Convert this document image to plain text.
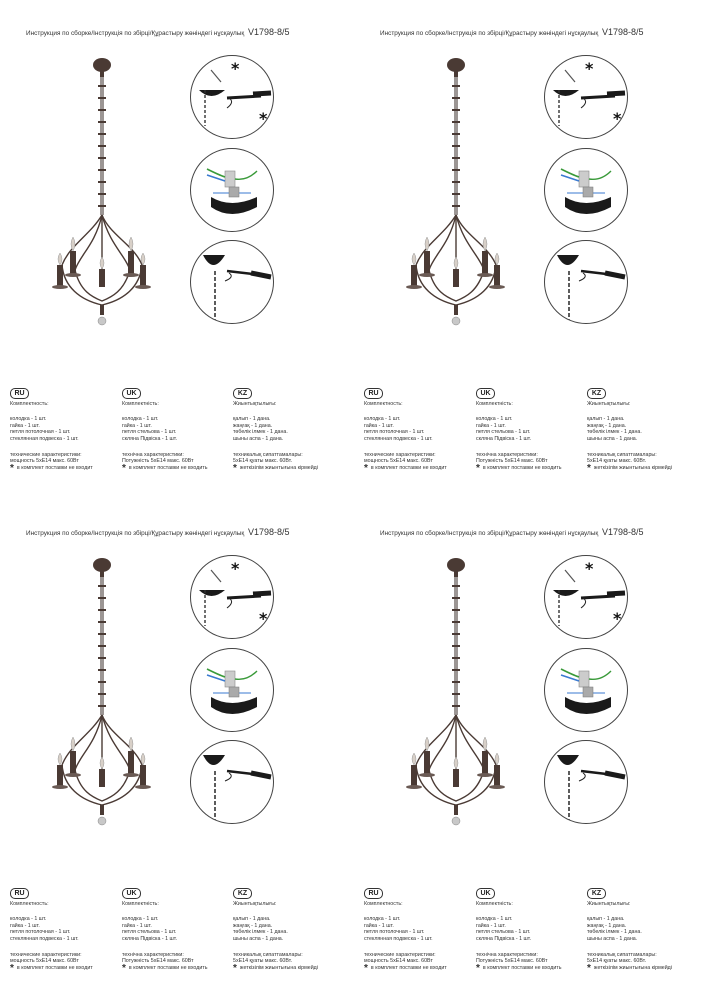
Инструкция по сборке/Інструкція по збірці/Құрастыру жөніндегі нұсқаулық V1798-8/5
*
*
RU
Комплектность:
колодка - 1 шт.
гайка - 1 шт.
петля потолочная - 1 шт.
стеклянная подвеска - 1 шт.
технические характеристики:
мощность 5хЕ14 макс. 60Вт
* в комплект поставки не входит
UK
Комплектність:
колодка - 1 шт.
гайка - 1 шт.
петля стельова - 1 шт.
скляна Підвіска - 1 шт.
технічна характеристики:
Потужність 5хЕ14 макс. 60Вт
* в комплект поставки не входить
KZ
Жиынтықтылығы:
қалып - 1 дана.
жаңғақ - 1 дана.
төбелік ілмек - 1 дана.
шыны аспа - 1 дана.
техникалық сипаттамалары:
5хЕ14 қуаты макс. 60Вт.
* жеткізілім жиынтығына кірмейді
Инструкция по сборке/Інструкція по збірці/Құрастыру жөніндегі нұсқаулық V1798-8/5
*
*
RU
Комплектность:
колодка - 1 шт.
гайка - 1 шт.
петля потолочная - 1 шт.
стеклянная подвеска - 1 шт.
технические характеристики:
мощность 5хЕ14 макс. 60Вт
* в комплект поставки не входит
UK
Комплектність:
колодка - 1 шт.
гайка - 1 шт.
петля стельова - 1 шт.
скляна Підвіска - 1 шт.
технічна характеристики:
Потужність 5хЕ14 макс. 60Вт
* в комплект поставки не входить
KZ
Жиынтықтылығы:
қалып - 1 дана.
жаңғақ - 1 дана.
төбелік ілмек - 1 дана.
шыны аспа - 1 дана.
техникалық сипаттамалары:
5хЕ14 қуаты макс. 60Вт.
* жеткізілім жиынтығына кірмейді
Инструкция по сборке/Інструкція по збірці/Құрастыру жөніндегі нұсқаулық V1798-8/5
*
*
RU
Комплектность:
колодка - 1 шт.
гайка - 1 шт.
петля потолочная - 1 шт.
стеклянная подвеска - 1 шт.
технические характеристики:
мощность 5хЕ14 макс. 60Вт
* в комплект поставки не входит
UK
Комплектність:
колодка - 1 шт.
гайка - 1 шт.
петля стельова - 1 шт.
скляна Підвіска - 1 шт.
технічна характеристики:
Потужність 5хЕ14 макс. 60Вт
* в комплект поставки не входить
KZ
Жиынтықтылығы:
қалып - 1 дана.
жаңғақ - 1 дана.
төбелік ілмек - 1 дана.
шыны аспа - 1 дана.
техникалық сипаттамалары:
5хЕ14 қуаты макс. 60Вт.
* жеткізілім жиынтығына кірмейді
Инструкция по сборке/Інструкція по збірці/Құрастыру жөніндегі нұсқаулық V1798-8/5
*
*
RU
Комплектность:
колодка - 1 шт.
гайка - 1 шт.
петля потолочная - 1 шт.
стеклянная подвеска - 1 шт.
технические характеристики:
мощность 5хЕ14 макс. 60Вт
* в комплект поставки не входит
UK
Комплектність:
колодка - 1 шт.
гайка - 1 шт.
петля стельова - 1 шт.
скляна Підвіска - 1 шт.
технічна характеристики:
Потужність 5хЕ14 макс. 60Вт
* в комплект поставки не входить
KZ
Жиынтықтылығы:
қалып - 1 дана.
жаңғақ - 1 дана.
төбелік ілмек - 1 дана.
шыны аспа - 1 дана.
техникалық сипаттамалары:
5хЕ14 қуаты макс. 60Вт.
* жеткізілім жиынтығына кірмейді
